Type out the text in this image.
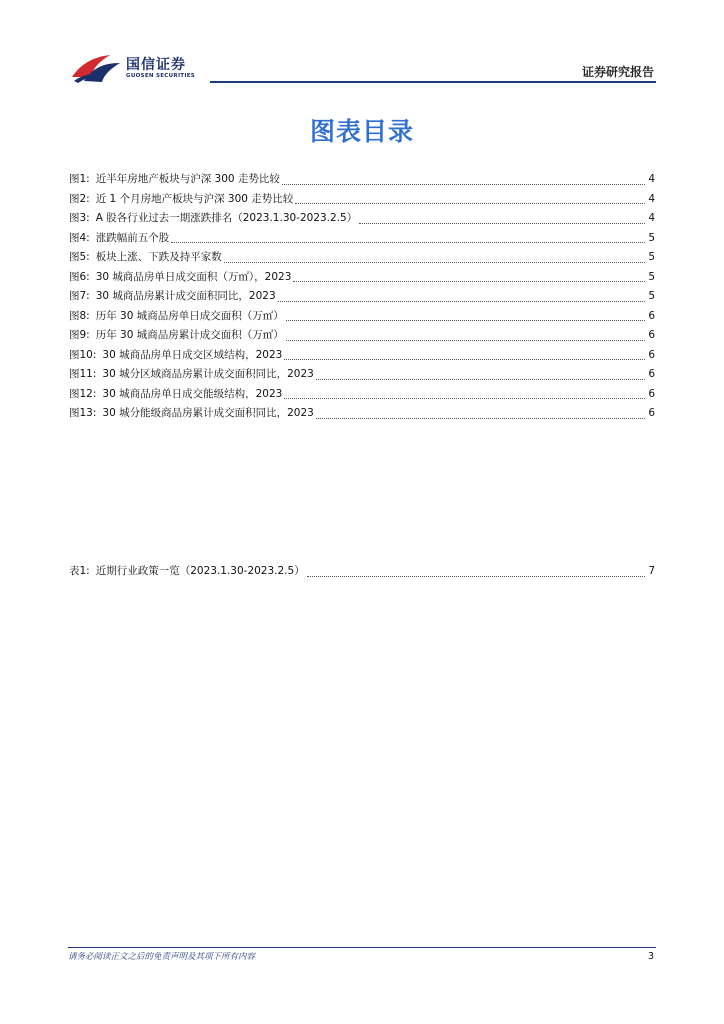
国信证券
GUOSEN SECURITIES	证券研究报告
图表目录
图1: 近半年房地产板块与沪深 300 走势比较	4
图2: 近 1 个月房地产板块与沪深 300 走势比较	4
图3: A 股各行业过去一期涨跌排名（2023.1.30-2023.2.5）	4
图4: 涨跌幅前五个股	5
图5: 板块上涨、下跌及持平家数	5
图6: 30 城商品房单日成交面积（万㎡），2023	5
图7: 30 城商品房累计成交面积同比，2023	5
图8: 历年 30 城商品房单日成交面积（万㎡）	6
图9: 历年 30 城商品房累计成交面积（万㎡）	6
图10: 30 城商品房单日成交区域结构，2023	6
图11: 30 城分区域商品房累计成交面积同比，2023	6
图12: 30 城商品房单日成交能级结构，2023	6
图13: 30 城分能级商品房累计成交面积同比，2023	6
表1: 近期行业政策一览（2023.1.30-2023.2.5）	7
请务必阅读正文之后的免责声明及其项下所有内容	3
